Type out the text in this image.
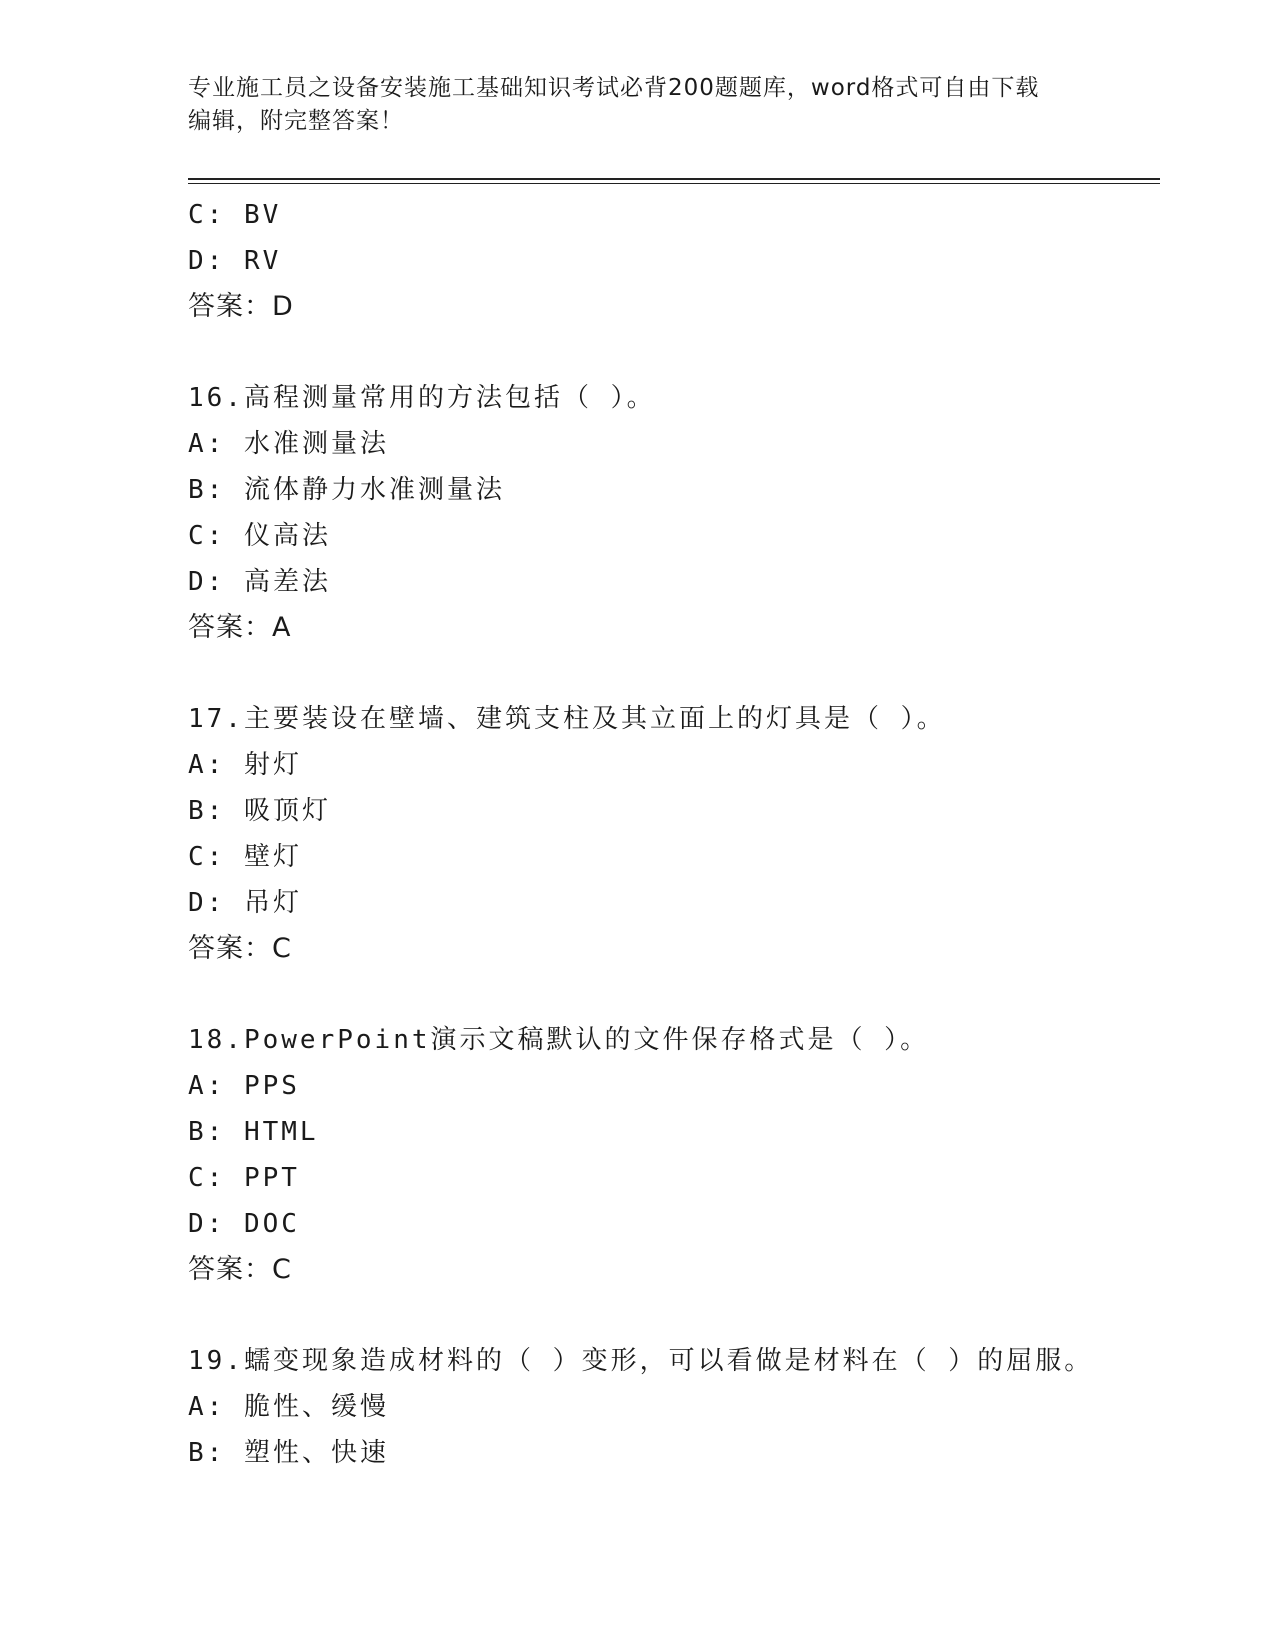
专业施工员之设备安装施工基础知识考试必背200题题库，word格式可自由下载
编辑，附完整答案！
C: BV
D: RV
答案：D
16.高程测量常用的方法包括（ ）。
A: 水准测量法
B: 流体静力水准测量法
C: 仪高法
D: 高差法
答案：A
17.主要装设在壁墙、建筑支柱及其立面上的灯具是（ ）。
A: 射灯
B: 吸顶灯
C: 壁灯
D: 吊灯
答案：C
18.PowerPoint演示文稿默认的文件保存格式是（ ）。
A: PPS
B: HTML
C: PPT
D: DOC
答案：C
19.蠕变现象造成材料的（ ）变形，可以看做是材料在（ ）的屈服。
A: 脆性、缓慢
B: 塑性、快速
